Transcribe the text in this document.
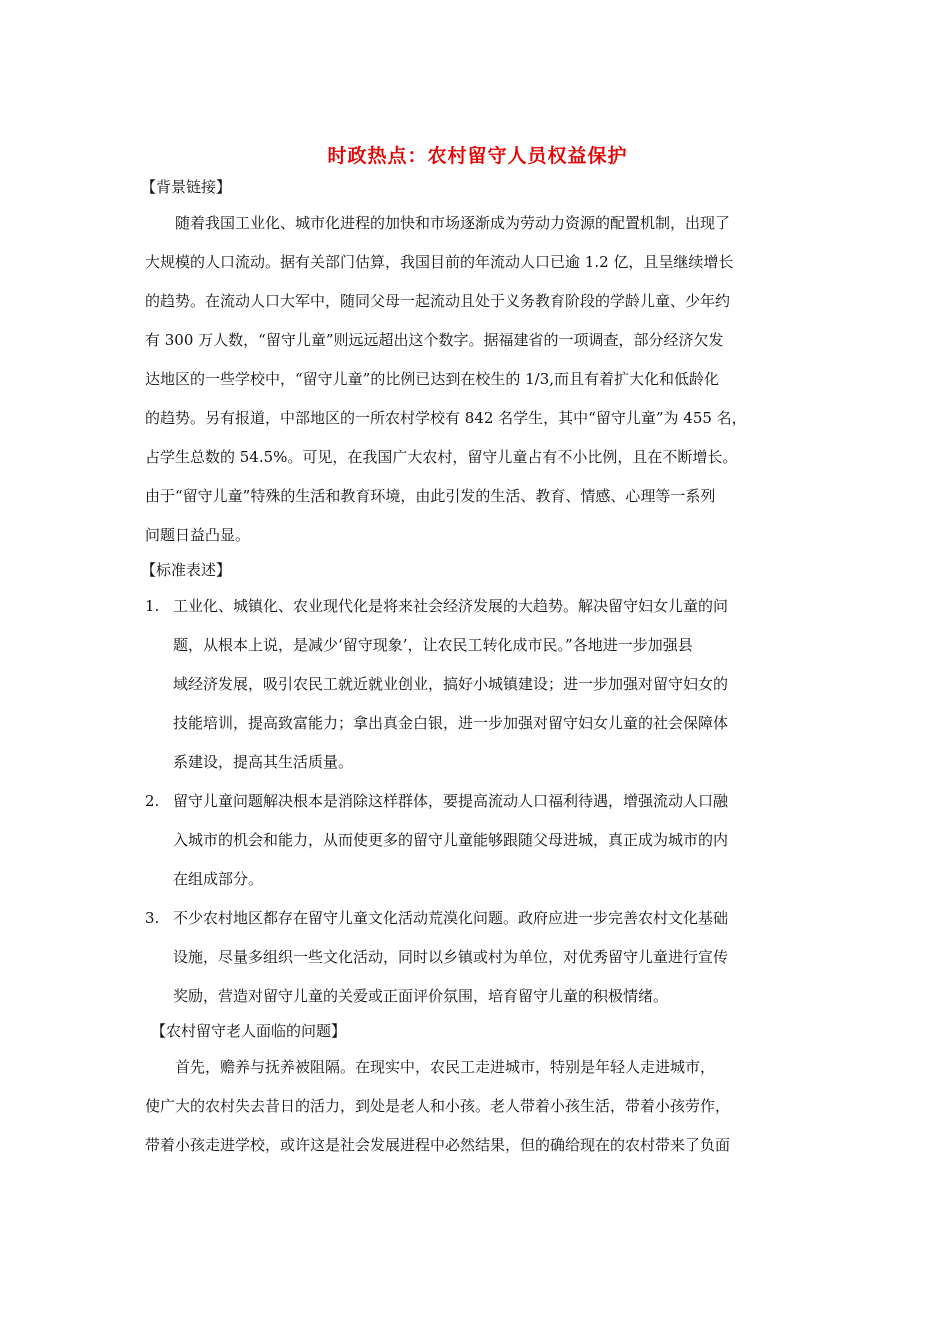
时政热点：农村留守人员权益保护
【背景链接】

随着我国工业化、城市化进程的加快和市场逐渐成为劳动力资源的配置机制，出现了
大规模的人口流动。据有关部门估算，我国目前的年流动人口已逾 1.2 亿，且呈继续增长
的趋势。在流动人口大军中，随同父母一起流动且处于义务教育阶段的学龄儿童、少年约
有 300 万人数，“留守儿童”则远远超出这个数字。据福建省的一项调查，部分经济欠发
达地区的一些学校中，“留守儿童”的比例已达到在校生的 1/3,而且有着扩大化和低龄化
的趋势。另有报道，中部地区的一所农村学校有 842 名学生，其中“留守儿童”为 455 名，
占学生总数的 54.5%。可见，在我国广大农村，留守儿童占有不小比例，且在不断增长。
由于“留守儿童”特殊的生活和教育环境，由此引发的生活、教育、情感、心理等一系列
问题日益凸显。

【标准表述】
1. 工业化、城镇化、农业现代化是将来社会经济发展的大趋势。解决留守妇女儿童的问
题，从根本上说，是减少‘留守现象’，让农民工转化成市民。”各地进一步加强县
域经济发展，吸引农民工就近就业创业，搞好小城镇建设；进一步加强对留守妇女的
技能培训，提高致富能力；拿出真金白银，进一步加强对留守妇女儿童的社会保障体
系建设，提高其生活质量。
2. 留守儿童问题解决根本是消除这样群体，要提高流动人口福利待遇，增强流动人口融
入城市的机会和能力，从而使更多的留守儿童能够跟随父母进城，真正成为城市的内
在组成部分。
3. 不少农村地区都存在留守儿童文化活动荒漠化问题。政府应进一步完善农村文化基础
设施，尽量多组织一些文化活动，同时以乡镇或村为单位，对优秀留守儿童进行宣传
奖励，营造对留守儿童的关爱或正面评价氛围，培育留守儿童的积极情绪。
【农村留守老人面临的问题】

首先，赡养与抚养被阻隔。在现实中，农民工走进城市，特别是年轻人走进城市，
使广大的农村失去昔日的活力，到处是老人和小孩。老人带着小孩生活，带着小孩劳作，
带着小孩走进学校，或许这是社会发展进程中必然结果，但的确给现在的农村带来了负面
